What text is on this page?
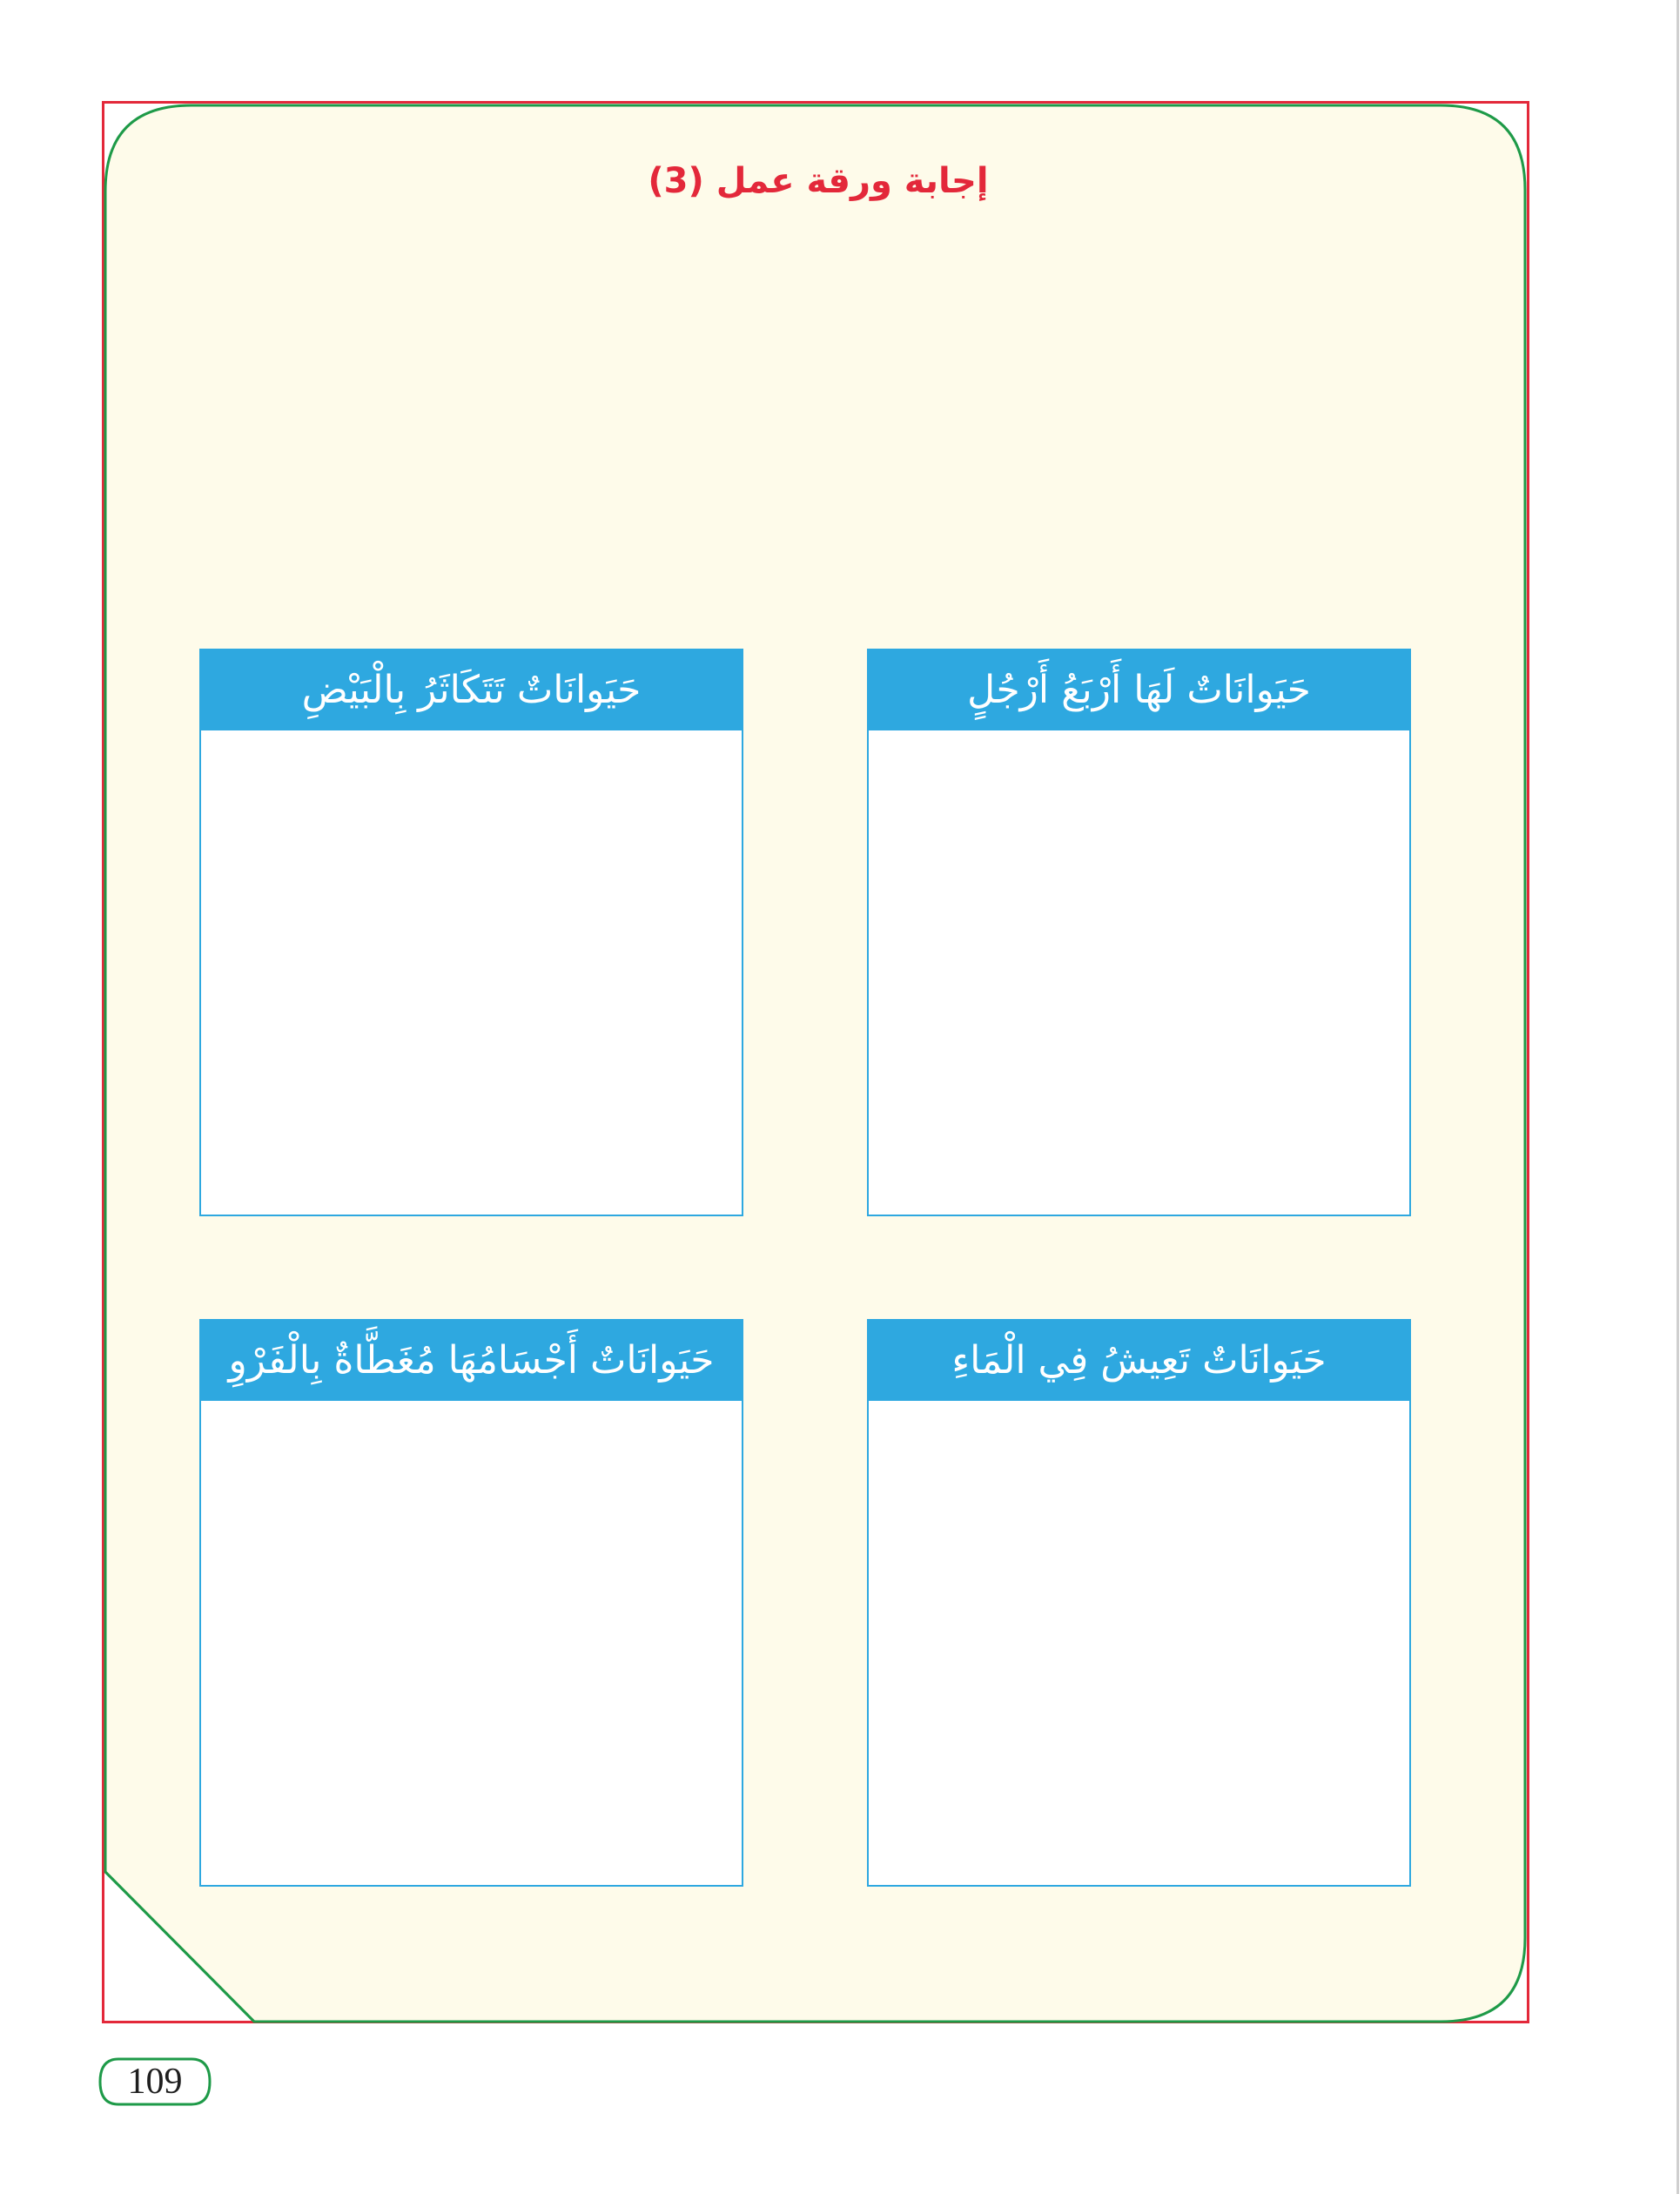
إجابة ورقة عمل (3)
حَيَوانَاتٌ لَهَا أَرْبَعُ أَرْجُلٍ
حَيَوانَاتٌ تَتَكَاثَرُ بِالْبَيْضِ
حَيَوانَاتٌ تَعِيشُ فِي الْمَاءِ
حَيَوانَاتٌ أَجْسَامُهَا مُغَطَّاةٌ بِالْفَرْوِ
109
